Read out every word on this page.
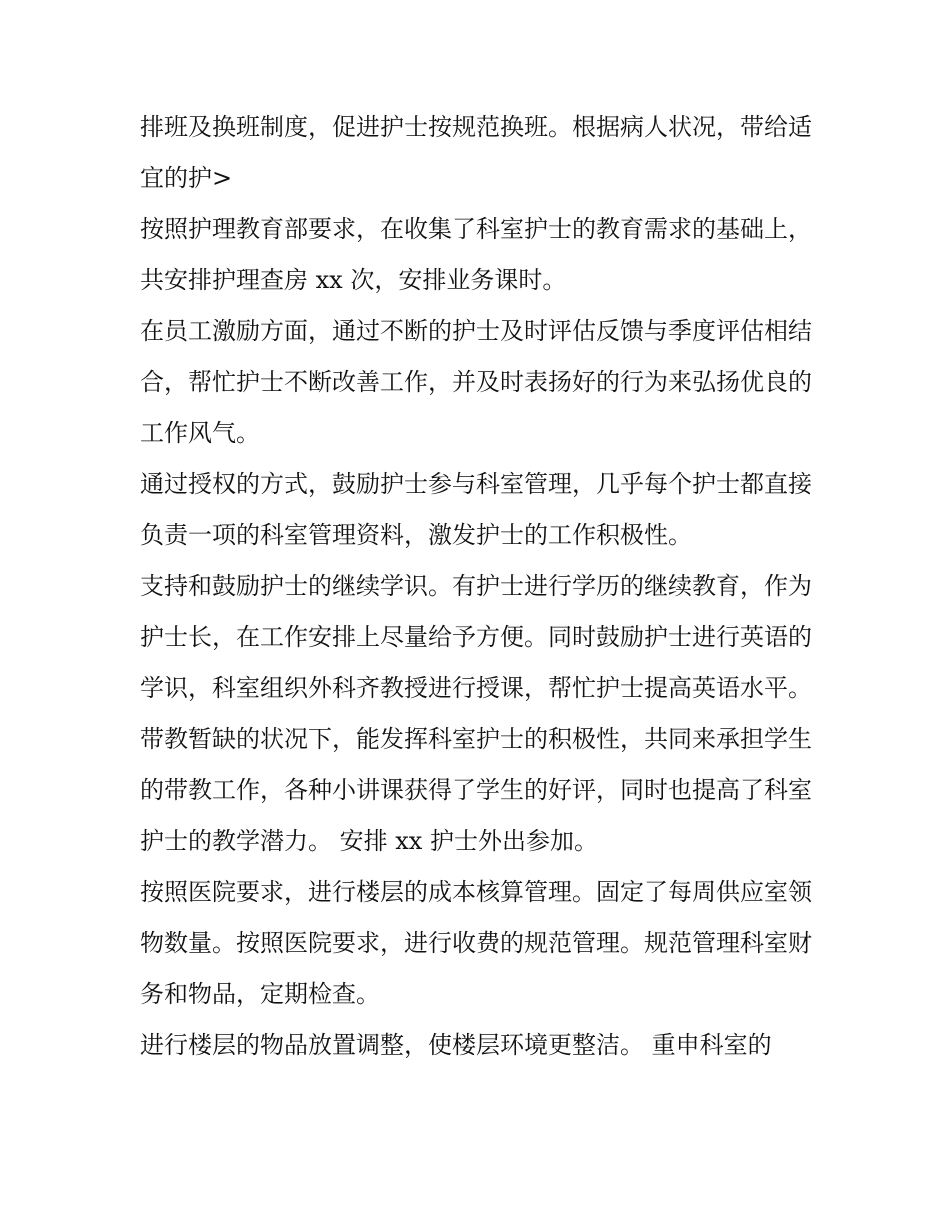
排班及换班制度，促进护士按规范换班。根据病人状况，带给适宜的护>

按照护理教育部要求，在收集了科室护士的教育需求的基础上，共安排护理查房 xx 次，安排业务课时。

在员工激励方面，通过不断的护士及时评估反馈与季度评估相结合，帮忙护士不断改善工作，并及时表扬好的行为来弘扬优良的工作风气。

通过授权的方式，鼓励护士参与科室管理，几乎每个护士都直接负责一项的科室管理资料，激发护士的工作积极性。

支持和鼓励护士的继续学识。有护士进行学历的继续教育，作为护士长，在工作安排上尽量给予方便。同时鼓励护士进行英语的学识，科室组织外科齐教授进行授课，帮忙护士提高英语水平。

带教暂缺的状况下，能发挥科室护士的积极性，共同来承担学生的带教工作，各种小讲课获得了学生的好评，同时也提高了科室护士的教学潜力。 安排 xx 护士外出参加。

按照医院要求，进行楼层的成本核算管理。固定了每周供应室领物数量。按照医院要求，进行收费的规范管理。规范管理科室财务和物品，定期检查。

进行楼层的物品放置调整，使楼层环境更整洁。 重申科室的
